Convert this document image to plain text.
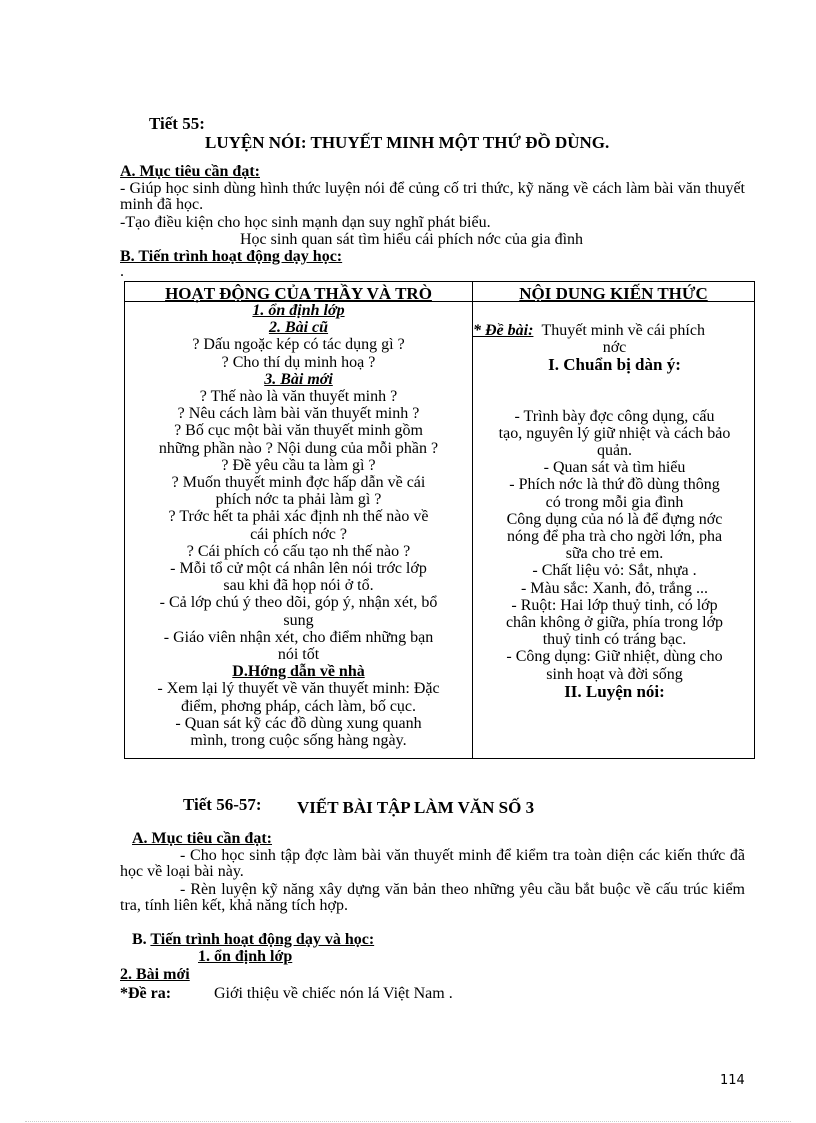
Tiết 55:
LUYỆN NÓI: THUYẾT MINH MỘT THỨ ĐỒ DÙNG.
A. Mục tiêu cần đạt:

- Giúp học sinh dùng hình thức luyện nói để củng cố tri thức, kỹ năng về cách làm bài văn thuyết minh đã học.

-Tạo điều kiện cho học sinh mạnh dạn suy nghĩ phát biểu.
Học sinh quan sát tìm hiểu cái phích nớc của gia đình
B. Tiến trình hoạt động dạy học:
.
HOẠT ĐỘNG CỦA THẦY VÀ TRÒ	NỘI DUNG KIẾN THỨC
1. ổn định lớp
2. Bài cũ
? Dấu ngoặc kép có tác dụng gì ?
? Cho thí dụ minh hoạ ?
3. Bài mới
? Thế nào là văn thuyết minh ?
? Nêu cách làm bài văn thuyết minh ?
? Bố cục một bài văn thuyết minh gồm
những phần nào ? Nội dung của mỗi phần ?
? Đề yêu cầu ta làm gì ?
? Muốn thuyết minh đợc hấp dẫn về cái
phích nớc ta phải làm gì ?
? Trớc hết ta phải xác định nh thế nào về
cái phích nớc ?
? Cái phích có cấu tạo nh thế nào ?
- Mỗi tổ cử một cá nhân lên nói trớc lớp
sau khi đã họp nói ở tổ.
- Cả lớp chú ý theo dõi, góp ý, nhận xét, bổ
sung
- Giáo viên nhận xét, cho điểm những bạn
nói tốt
D.Hớng dẫn về nhà
- Xem lại lý thuyết về văn thuyết minh: Đặc
điểm, phơng pháp, cách làm, bố cục.
- Quan sát kỹ các đồ dùng xung quanh
mình, trong cuộc sống hàng ngày.
* Đề bài: Thuyết minh về cái phích
nớc
I. Chuẩn bị dàn ý:
- Trình bày đợc công dụng, cấu
tạo, nguyên lý giữ nhiệt và cách bảo
quản.
- Quan sát và tìm hiểu
- Phích nớc là thứ đồ dùng thông
có trong mỗi gia đình
Công dụng của nó là để đựng nớc
nóng để pha trà cho ngời lớn, pha
sữa cho trẻ em.
- Chất liệu vỏ: Sắt, nhựa .
- Màu sắc: Xanh, đỏ, trắng ...
- Ruột: Hai lớp thuỷ tinh, có lớp
chân không ở giữa, phía trong lớp
thuỷ tinh có tráng bạc.
- Công dụng: Giữ nhiệt, dùng cho
sinh hoạt và đời sống
II. Luyện nói:
Tiết 56-57: VIẾT BÀI TẬP LÀM VĂN SỐ 3
A. Mục tiêu cần đạt:

- Cho học sinh tập đợc làm bài văn thuyết minh để kiểm tra toàn diện các kiến thức đã học về loại bài này.

- Rèn luyện kỹ năng xây dựng văn bản theo những yêu cầu bắt buộc về cấu trúc kiểm tra, tính liên kết, khả năng tích hợp.

B. Tiến trình hoạt động dạy và học:
1. ổn định lớp
2. Bài mới
*Đề ra:	Giới thiệu về chiếc nón lá Việt Nam .
114
